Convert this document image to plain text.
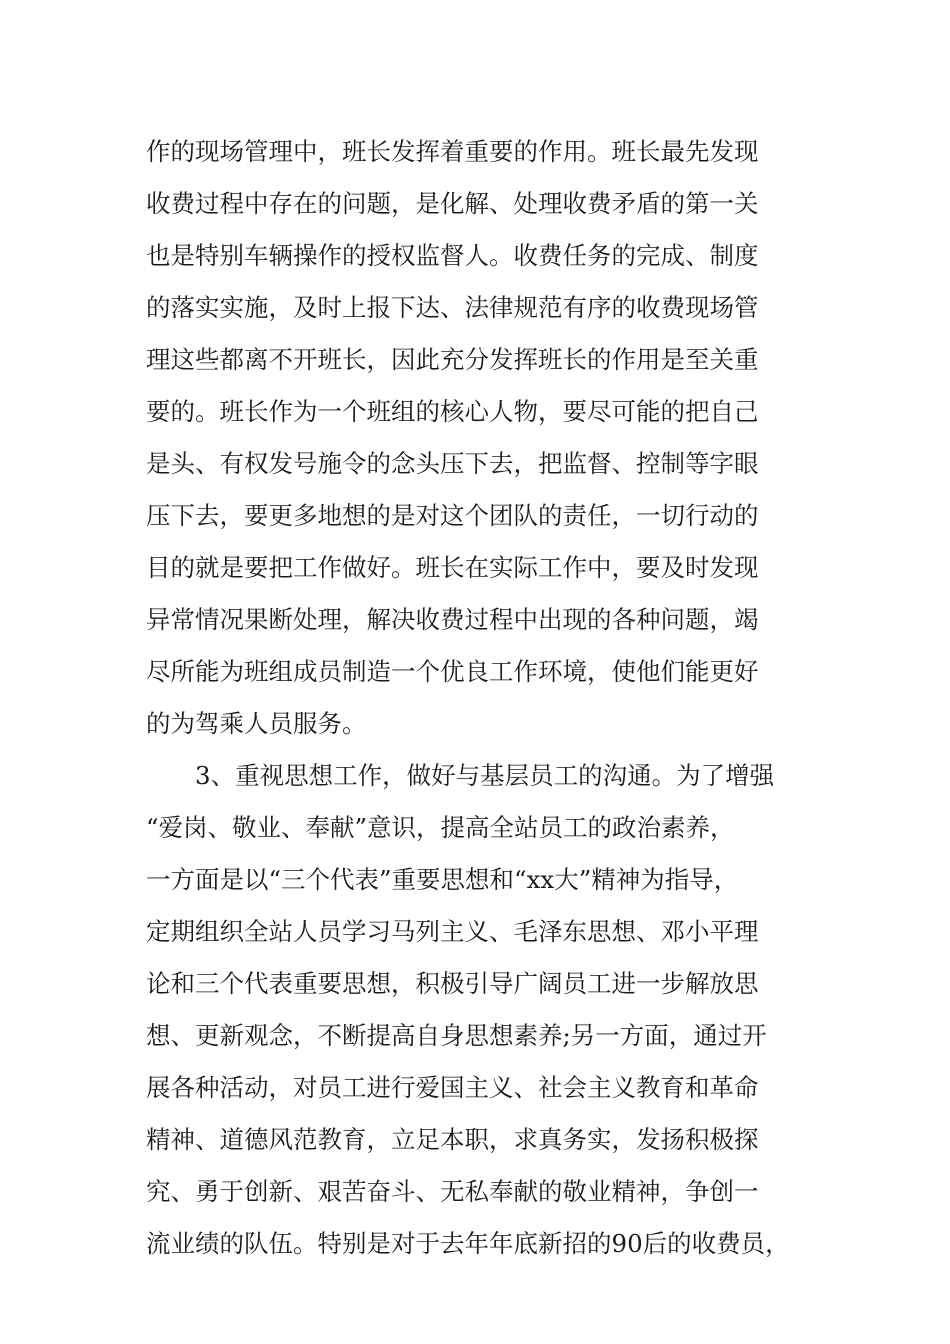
作的现场管理中，班长发挥着重要的作用。班长最先发现
收费过程中存在的问题，是化解、处理收费矛盾的第一关
也是特别车辆操作的授权监督人。收费任务的完成、制度
的落实实施，及时上报下达、法律规范有序的收费现场管
理这些都离不开班长，因此充分发挥班长的作用是至关重
要的。班长作为一个班组的核心人物，要尽可能的把自己
是头、有权发号施令的念头压下去，把监督、控制等字眼
压下去，要更多地想的是对这个团队的责任，一切行动的
目的就是要把工作做好。班长在实际工作中，要及时发现
异常情况果断处理，解决收费过程中出现的各种问题，竭
尽所能为班组成员制造一个优良工作环境，使他们能更好
的为驾乘人员服务。
3、重视思想工作，做好与基层员工的沟通。为了增强
“爱岗、敬业、奉献”意识，提高全站员工的政治素养，
一方面是以“三个代表”重要思想和“xx大”精神为指导，
定期组织全站人员学习马列主义、毛泽东思想、邓小平理
论和三个代表重要思想，积极引导广阔员工进一步解放思
想、更新观念，不断提高自身思想素养;另一方面，通过开
展各种活动，对员工进行爱国主义、社会主义教育和革命
精神、道德风范教育，立足本职，求真务实，发扬积极探
究、勇于创新、艰苦奋斗、无私奉献的敬业精神，争创一
流业绩的队伍。特别是对于去年年底新招的90后的收费员，
